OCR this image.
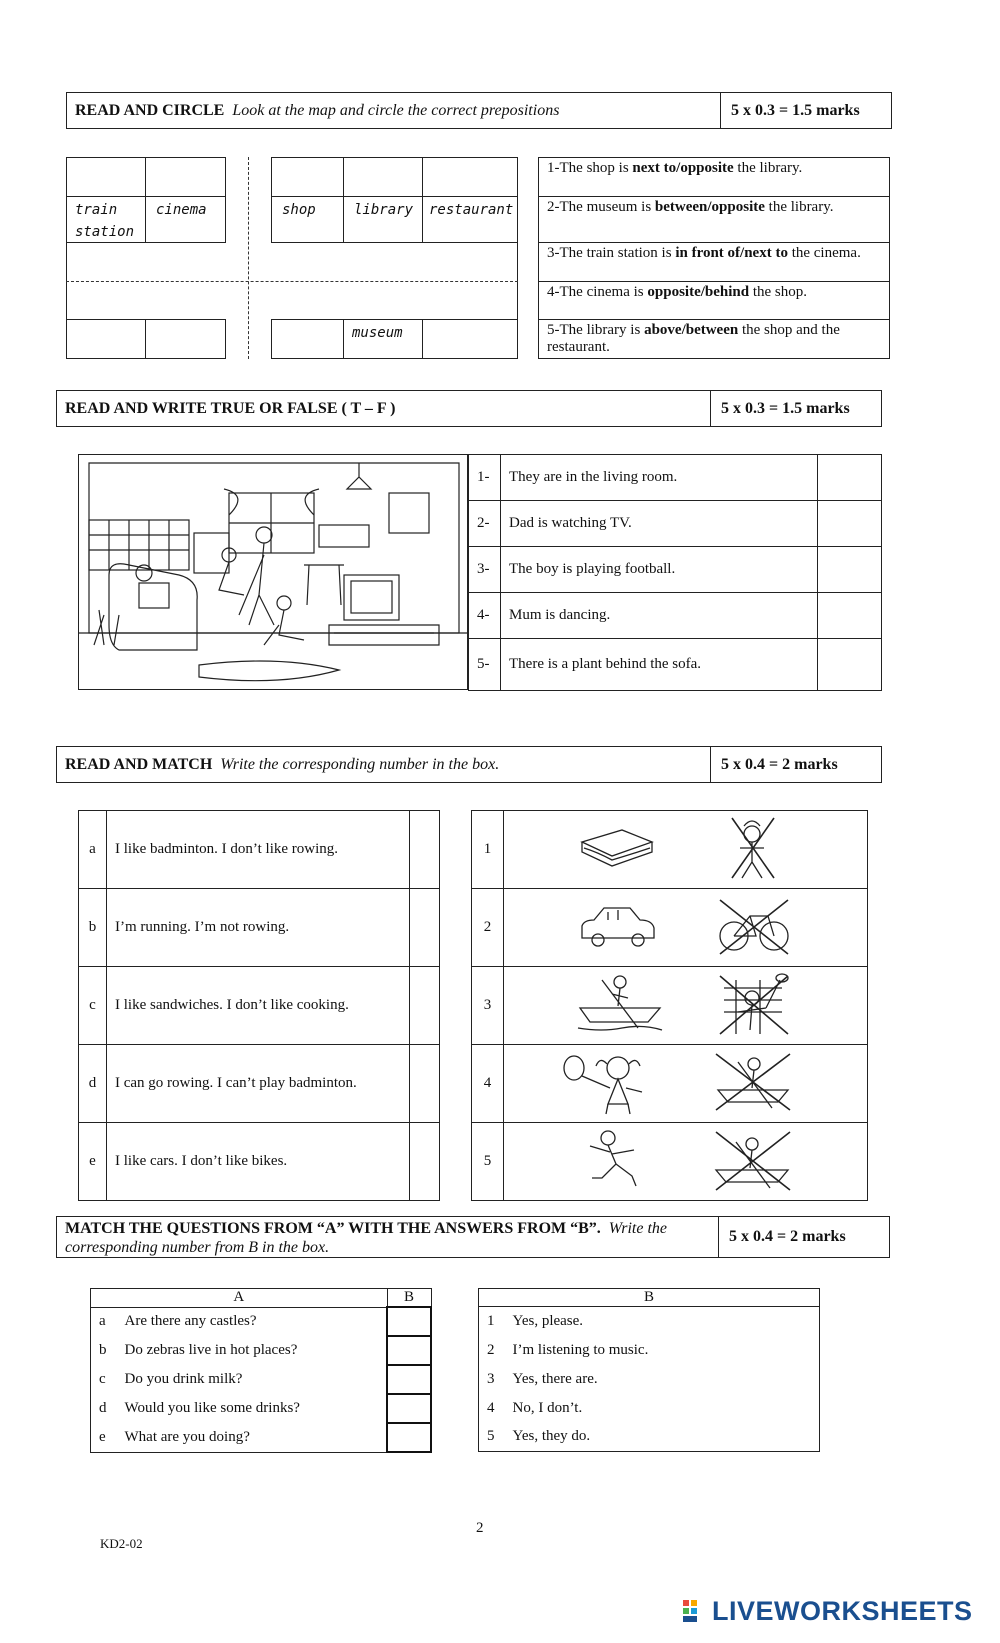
READ AND CIRCLE Look at the map and circle the correct prepositions	5 x 0.3 = 1.5 marks
train station
cinema	shop	library	restaurant
museum
1-The shop is next to/opposite the library.
2-The museum is between/opposite the library.
3-The train station is in front of/next to the cinema.
4-The cinema is opposite/behind the shop.
5-The library is above/between the shop and the restaurant.
READ AND WRITE TRUE OR FALSE ( T – F )	5 x 0.3 = 1.5 marks
1-	They are in the living room.	
2-	Dad is watching TV.	
3-	The boy is playing football.	
4-	Mum is dancing.	
5-	There is a plant behind the sofa.	
READ AND MATCH Write the corresponding number in the box.	5 x 0.4 = 2 marks
a	I like badminton. I don’t like rowing.	
b	I’m running. I’m not rowing.	
c	I like sandwiches. I don’t like cooking.	
d	I can go rowing. I can’t play badminton.	
e	I like cars. I don’t like bikes.	
1	
2	
3	
4	
5	
MATCH THE QUESTIONS FROM “A” WITH THE ANSWERS FROM “B”. Write the
corresponding number from B in the box.
5 x 0.4 = 2 marks
A		B
a	Are there any castles?	
b	Do zebras live in hot places?	
c	Do you drink milk?	
d	Would you like some drinks?	
e	What are you doing?	
B	
1	Yes, please.
2	I’m listening to music.
3	Yes, there are.
4	No, I don’t.
5	Yes, they do.
2
KD2-02
LIVEWORKSHEETS
